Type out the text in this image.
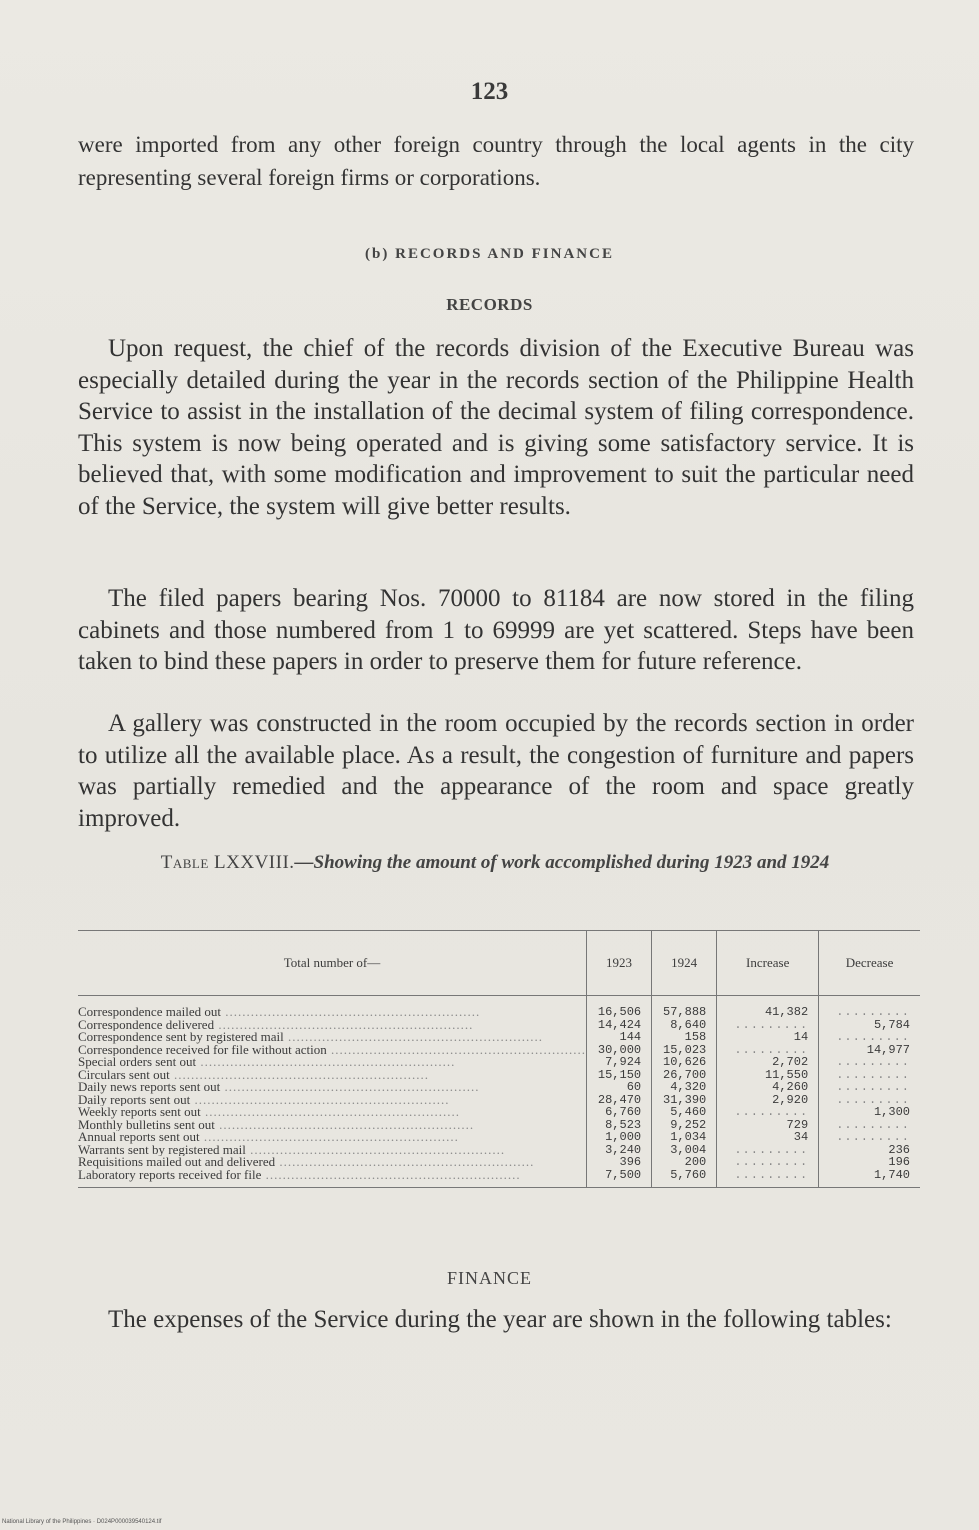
123

were imported from any other foreign country through the local agents in the city representing several foreign firms or corporations.

(b) RECORDS AND FINANCE
RECORDS

Upon request, the chief of the records division of the Executive Bureau was especially detailed during the year in the records section of the Philippine Health Service to assist in the installation of the decimal system of filing correspondence. This system is now being operated and is giving some satisfactory service. It is believed that, with some modification and improvement to suit the particular need of the Service, the system will give better results.

The filed papers bearing Nos. 70000 to 81184 are now stored in the filing cabinets and those numbered from 1 to 69999 are yet scattered. Steps have been taken to bind these papers in order to preserve them for future reference.

A gallery was constructed in the room occupied by the records section in order to utilize all the available place. As a result, the congestion of furniture and papers was partially remedied and the appearance of the room and space greatly improved.

Table LXXVIII.—Showing the amount of work accomplished during 1923 and 1924
Total number of—	1923	1924	Increase	Decrease
Correspondence mailed out ............................................................	16,506	57,888	41,382	.........
Correspondence delivered ............................................................	14,424	8,640	.........	5,784
Correspondence sent by registered mail ............................................................	144	158	14	.........
Correspondence received for file without action ............................................................	30,000	15,023	.........	14,977
Special orders sent out ............................................................	7,924	10,626	2,702	.........
Circulars sent out ............................................................	15,150	26,700	11,550	.........
Daily news reports sent out ............................................................	60	4,320	4,260	.........
Daily reports sent out ............................................................	28,470	31,390	2,920	.........
Weekly reports sent out ............................................................	6,760	5,460	.........	1,300
Monthly bulletins sent out ............................................................	8,523	9,252	729	.........
Annual reports sent out ............................................................	1,000	1,034	34	.........
Warrants sent by registered mail ............................................................	3,240	3,004	.........	236
Requisitions mailed out and delivered ............................................................	396	200	.........	196
Laboratory reports received for file ............................................................	7,500	5,760	.........	1,740
FINANCE

The expenses of the Service during the year are shown in the following tables:

National Library of the Philippines · D024P000039540124.tif
